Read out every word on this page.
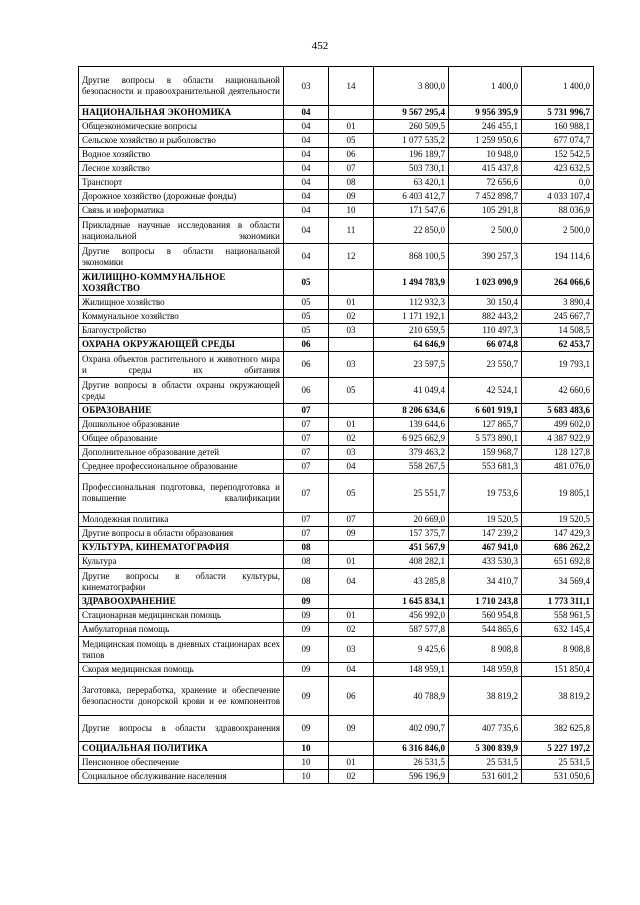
452
Другие вопросы в области национальной безопасности и правоохранительной деятельности	03	14	3 800,0	1 400,0	1 400,0
НАЦИОНАЛЬНАЯ ЭКОНОМИКА	04		9 567 295,4	9 956 395,9	5 731 996,7
Общеэкономические вопросы	04	01	260 509,5	246 455,1	160 988,1
Сельское хозяйство и рыболовство	04	05	1 077 535,2	1 259 950,6	677 074,7
Водное хозяйство	04	06	196 189,7	10 948,0	152 542,5
Лесное хозяйство	04	07	503 730,1	415 437,8	423 632,5
Транспорт	04	08	63 420,1	72 656,6	0,0
Дорожное хозяйство (дорожные фонды)	04	09	6 403 412,7	7 452 898,7	4 033 107,4
Связь и информатика	04	10	171 547,6	105 291,8	88 036,9
Прикладные научные исследования в области национальной экономики	04	11	22 850,0	2 500,0	2 500,0
Другие вопросы в области национальной экономики	04	12	868 100,5	390 257,3	194 114,6
ЖИЛИЩНО-КОММУНАЛЬНОЕ ХОЗЯЙСТВО	05		1 494 783,9	1 023 090,9	264 066,6
Жилищное хозяйство	05	01	112 932,3	30 150,4	3 890,4
Коммунальное хозяйство	05	02	1 171 192,1	882 443,2	245 667,7
Благоустройство	05	03	210 659,5	110 497,3	14 508,5
ОХРАНА ОКРУЖАЮЩЕЙ СРЕДЫ	06		64 646,9	66 074,8	62 453,7
Охрана объектов растительного и животного мира и среды их обитания	06	03	23 597,5	23 550,7	19 793,1
Другие вопросы в области охраны окружающей среды	06	05	41 049,4	42 524,1	42 660,6
ОБРАЗОВАНИЕ	07		8 206 634,6	6 601 919,1	5 683 483,6
Дошкольное образование	07	01	139 644,6	127 865,7	499 602,0
Общее образование	07	02	6 925 662,9	5 573 890,1	4 387 922,9
Дополнительное образование детей	07	03	379 463,2	159 968,7	128 127,8
Среднее профессиональное образование	07	04	558 267,5	553 681,3	481 076,0
Профессиональная подготовка, переподготовка и повышение квалификации	07	05	25 551,7	19 753,6	19 805,1
Молодежная политика	07	07	20 669,0	19 520,5	19 520,5
Другие вопросы в области образования	07	09	157 375,7	147 239,2	147 429,3
КУЛЬТУРА, КИНЕМАТОГРАФИЯ	08		451 567,9	467 941,0	686 262,2
Культура	08	01	408 282,1	433 530,3	651 692,8
Другие вопросы в области культуры, кинематографии	08	04	43 285,8	34 410,7	34 569,4
ЗДРАВООХРАНЕНИЕ	09		1 645 834,1	1 710 243,8	1 773 311,1
Стационарная медицинская помощь	09	01	456 992,0	560 954,8	558 961,5
Амбулаторная помощь	09	02	587 577,8	544 865,6	632 145,4
Медицинская помощь в дневных стационарах всех типов	09	03	9 425,6	8 908,8	8 908,8
Скорая медицинская помощь	09	04	148 959,1	148 959,8	151 850,4
Заготовка, переработка, хранение и обеспечение безопасности донорской крови и ее компонентов	09	06	40 788,9	38 819,2	38 819,2
Другие вопросы в области здравоохранения	09	09	402 090,7	407 735,6	382 625,8
СОЦИАЛЬНАЯ ПОЛИТИКА	10		6 316 846,0	5 300 839,9	5 227 197,2
Пенсионное обеспечение	10	01	26 531,5	25 531,5	25 531,5
Социальное обслуживание населения	10	02	596 196,9	531 601,2	531 050,6
